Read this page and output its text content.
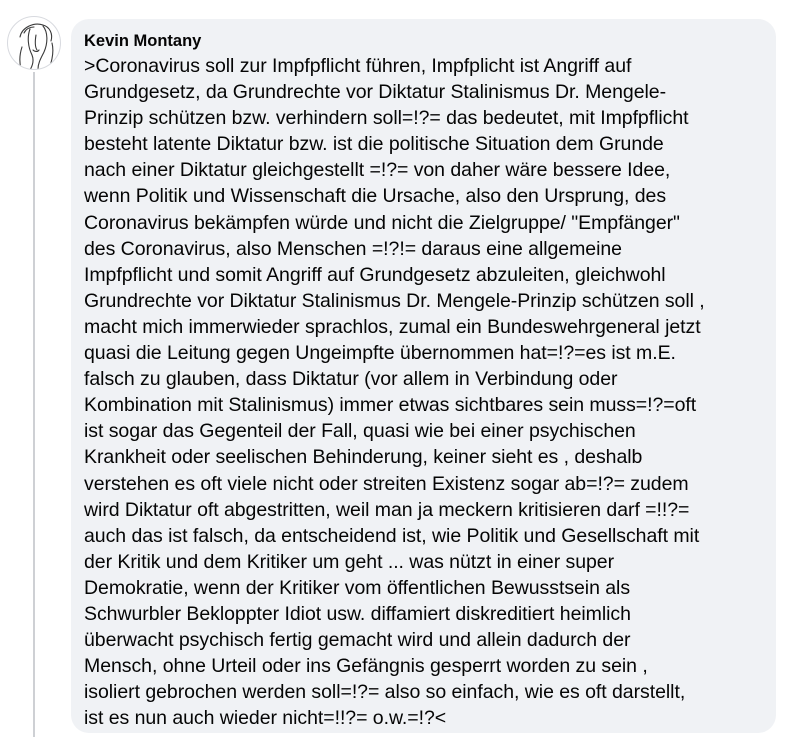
Kevin Montany
>Coronavirus soll zur Impfpflicht führen, Impfplicht ist Angriff auf
Grundgesetz, da Grundrechte vor Diktatur Stalinismus Dr. Mengele-
Prinzip schützen bzw. verhindern soll=!?= das bedeutet, mit Impfpflicht
besteht latente Diktatur bzw. ist die politische Situation dem Grunde
nach einer Diktatur gleichgestellt =!?= von daher wäre bessere Idee,
wenn Politik und Wissenschaft die Ursache, also den Ursprung, des
Coronavirus bekämpfen würde und nicht die Zielgruppe/ "Empfänger"
des Coronavirus, also Menschen =!?!= daraus eine allgemeine
Impfpflicht und somit Angriff auf Grundgesetz abzuleiten, gleichwohl
Grundrechte vor Diktatur Stalinismus Dr. Mengele-Prinzip schützen soll ,
macht mich immerwieder sprachlos, zumal ein Bundeswehrgeneral jetzt
quasi die Leitung gegen Ungeimpfte übernommen hat=!?=es ist m.E.
falsch zu glauben, dass Diktatur (vor allem in Verbindung oder
Kombination mit Stalinismus) immer etwas sichtbares sein muss=!?=oft
ist sogar das Gegenteil der Fall, quasi wie bei einer psychischen
Krankheit oder seelischen Behinderung, keiner sieht es , deshalb
verstehen es oft viele nicht oder streiten Existenz sogar ab=!?= zudem
wird Diktatur oft abgestritten, weil man ja meckern kritisieren darf =!!?=
auch das ist falsch, da entscheidend ist, wie Politik und Gesellschaft mit
der Kritik und dem Kritiker um geht ... was nützt in einer super
Demokratie, wenn der Kritiker vom öffentlichen Bewusstsein als
Schwurbler Bekloppter Idiot usw. diffamiert diskreditiert heimlich
überwacht psychisch fertig gemacht wird und allein dadurch der
Mensch, ohne Urteil oder ins Gefängnis gesperrt worden zu sein ,
isoliert gebrochen werden soll=!?= also so einfach, wie es oft darstellt,
ist es nun auch wieder nicht=!!?= o.w.=!?<
